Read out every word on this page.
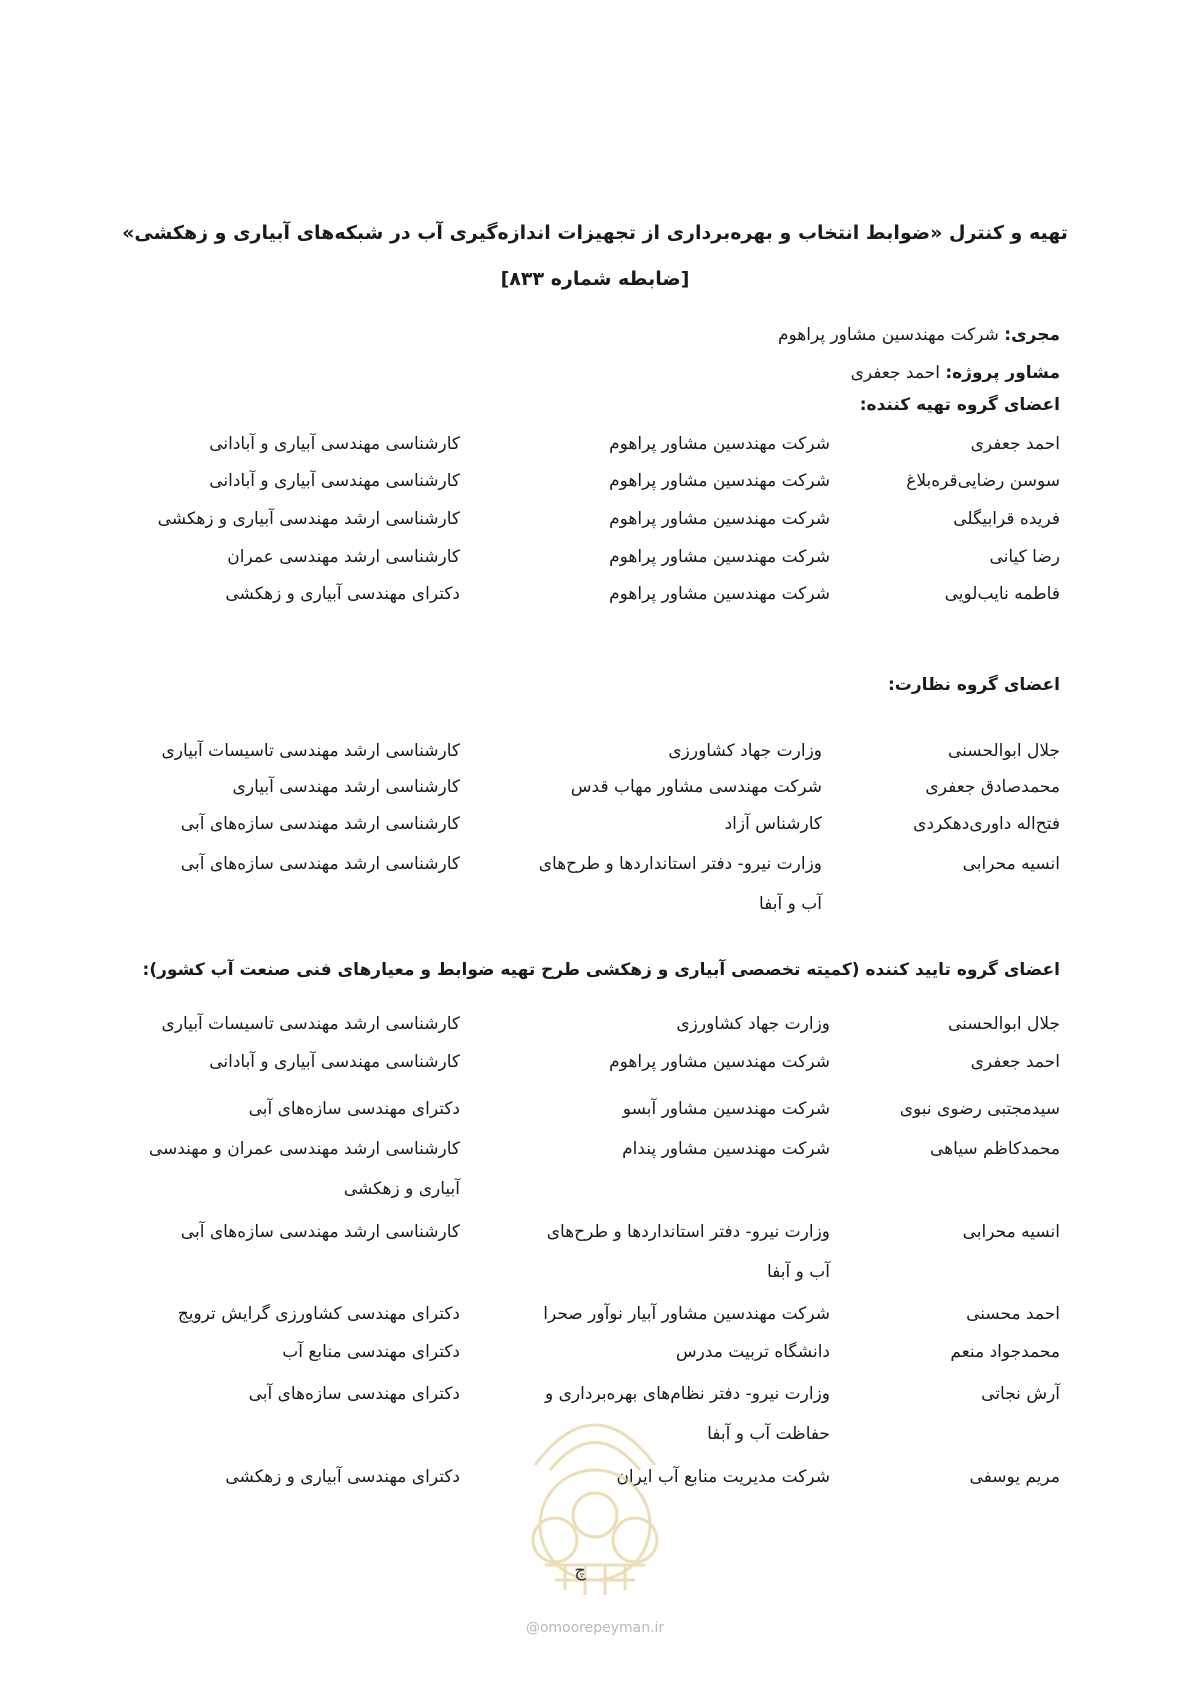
تهیه و کنترل «ضوابط انتخاب و بهره‌برداری از تجهیزات اندازه‌گیری آب در شبکه‌های آبیاری و زهکشی»
[ضابطه شماره ۸۳۳]
مجری: شرکت مهندسین مشاور پراهوم
مشاور پروژه: احمد جعفری
اعضای گروه تهیه کننده:
احمد جعفری
شرکت مهندسین مشاور پراهوم
کارشناسی مهندسی آبیاری و آبادانی
سوسن رضایی‌قره‌بلاغ
شرکت مهندسین مشاور پراهوم
کارشناسی مهندسی آبیاری و آبادانی
فریده قرابیگلی
شرکت مهندسین مشاور پراهوم
کارشناسی ارشد مهندسی آبیاری و زهکشی
رضا کیانی
شرکت مهندسین مشاور پراهوم
کارشناسی ارشد مهندسی عمران
فاطمه نایب‌لویی
شرکت مهندسین مشاور پراهوم
دکترای مهندسی آبیاری و زهکشی
اعضای گروه نظارت:
جلال ابوالحسنی
وزارت جهاد کشاورزی
کارشناسی ارشد مهندسی تاسیسات آبیاری
محمدصادق جعفری
شرکت مهندسی مشاور مهاب قدس
کارشناسی ارشد مهندسی آبیاری
فتح‌اله داوری‌دهکردی
کارشناس آزاد
کارشناسی ارشد مهندسی سازه‌های آبی
انسیه محرابی
وزارت نیرو- دفتر استانداردها و طرح‌های
کارشناسی ارشد مهندسی سازه‌های آبی
آب و آبفا
اعضای گروه تایید کننده (کمیته تخصصی آبیاری و زهکشی طرح تهیه ضوابط و معیارهای فنی صنعت آب کشور):
جلال ابوالحسنی
وزارت جهاد کشاورزی
کارشناسی ارشد مهندسی تاسیسات آبیاری
احمد جعفری
شرکت مهندسین مشاور پراهوم
کارشناسی مهندسی آبیاری و آبادانی
سیدمجتبی رضوی نبوی
شرکت مهندسین مشاور آبسو
دکترای مهندسی سازه‌های آبی
محمدکاظم سیاهی
شرکت مهندسین مشاور پندام
کارشناسی ارشد مهندسی عمران و مهندسی
آبیاری و زهکشی
انسیه محرابی
وزارت نیرو- دفتر استانداردها و طرح‌های
کارشناسی ارشد مهندسی سازه‌های آبی
آب و آبفا
احمد محسنی
شرکت مهندسین مشاور آبیار نوآور صحرا
دکترای مهندسی کشاورزی گرایش ترویج
محمدجواد منعم
دانشگاه تربیت مدرس
دکترای مهندسی منابع آب
آرش نجاتی
وزارت نیرو- دفتر نظام‌های بهره‌برداری و
دکترای مهندسی سازه‌های آبی
حفاظت آب و آبفا
مریم یوسفی
شرکت مدیریت منابع آب ایران
دکترای مهندسی آبیاری و زهکشی
چ
@omoorepeyman.ir
